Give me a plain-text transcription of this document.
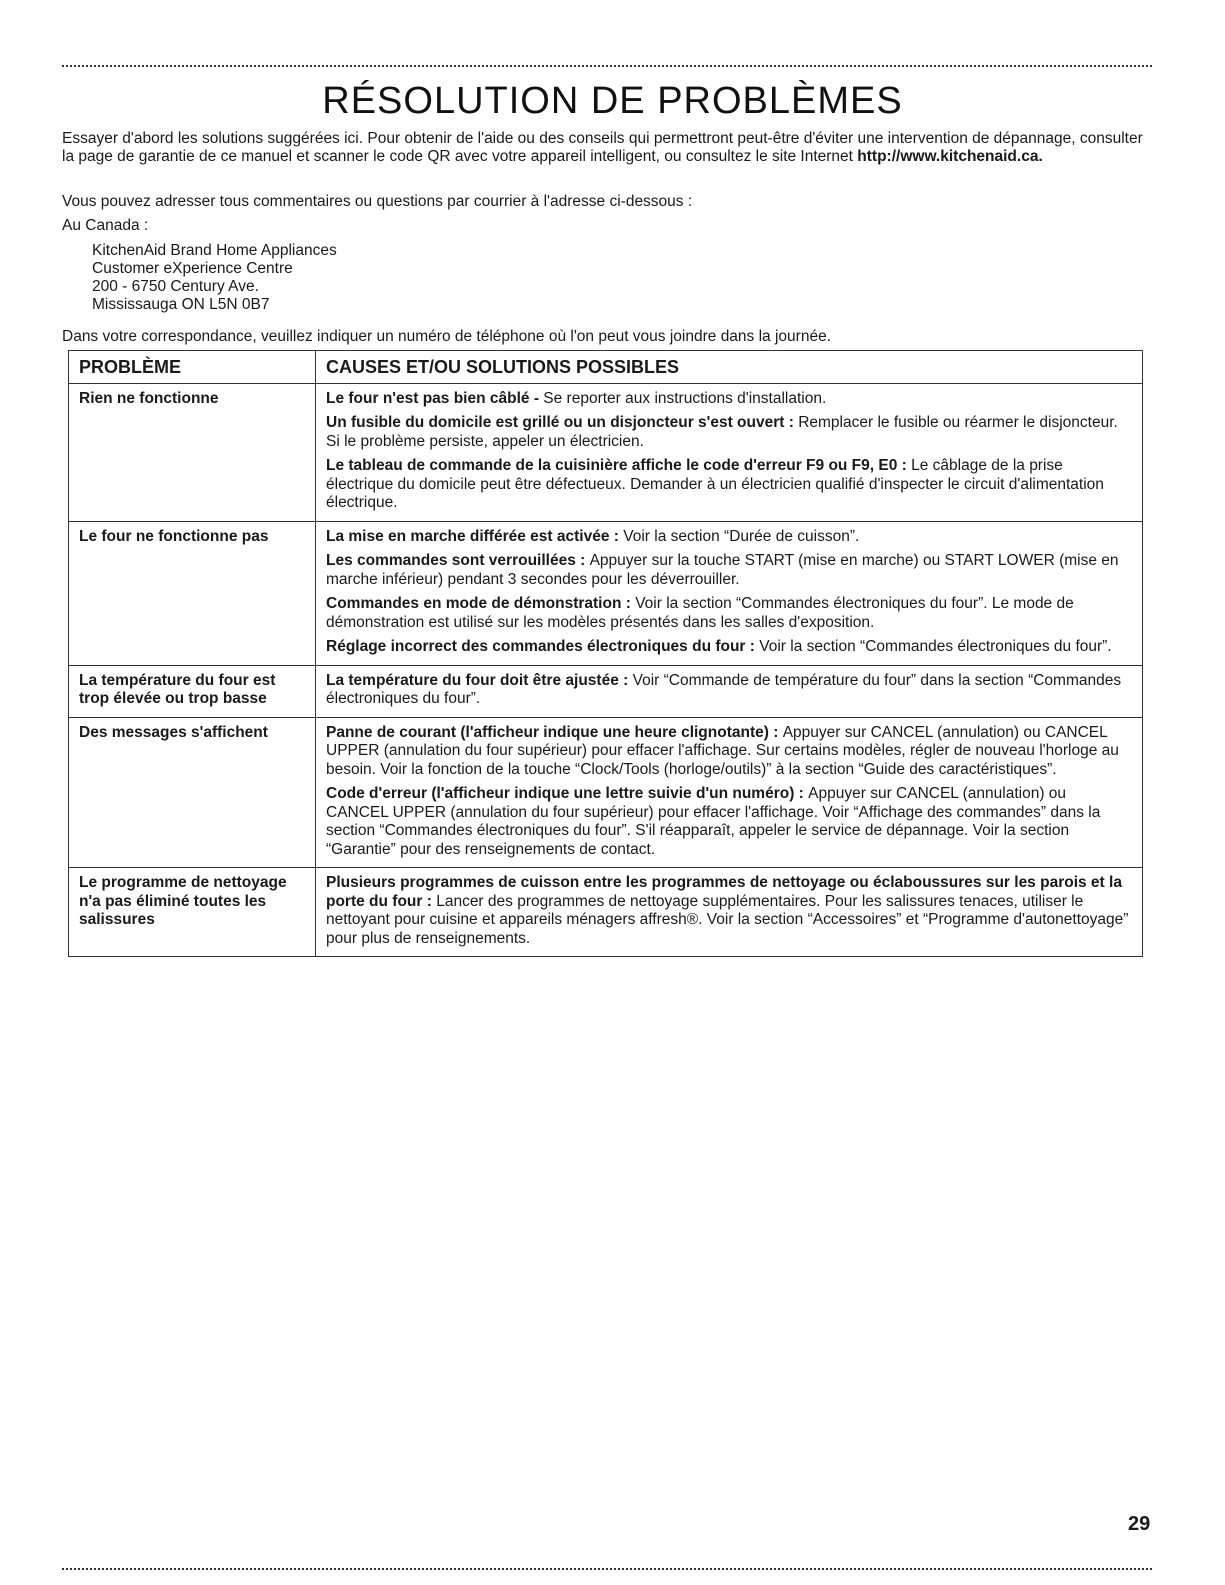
RÉSOLUTION DE PROBLÈMES

Essayer d'abord les solutions suggérées ici. Pour obtenir de l'aide ou des conseils qui permettront peut-être d'éviter une intervention de dépannage, consulter la page de garantie de ce manuel et scanner le code QR avec votre appareil intelligent, ou consultez le site Internet http://www.kitchenaid.ca.

Vous pouvez adresser tous commentaires ou questions par courrier à l'adresse ci-dessous :
Au Canada :
KitchenAid Brand Home Appliances
Customer eXperience Centre
200 - 6750 Century Ave.
Mississauga ON L5N 0B7
Dans votre correspondance, veuillez indiquer un numéro de téléphone où l'on peut vous joindre dans la journée.
PROBLÈME	CAUSES ET/OU SOLUTIONS POSSIBLES
Rien ne fonctionne	Le four n'est pas bien câblé - Se reporter aux instructions d'installation.

Un fusible du domicile est grillé ou un disjoncteur s'est ouvert : Remplacer le fusible ou réarmer le disjoncteur. Si le problème persiste, appeler un électricien.

Le tableau de commande de la cuisinière affiche le code d'erreur F9 ou F9, E0 : Le câblage de la prise électrique du domicile peut être défectueux. Demander à un électricien qualifié d'inspecter le circuit d'alimentation électrique.

Le four ne fonctionne pas	La mise en marche différée est activée : Voir la section “Durée de cuisson”.

Les commandes sont verrouillées : Appuyer sur la touche START (mise en marche) ou START LOWER (mise en marche inférieur) pendant 3 secondes pour les déverrouiller.

Commandes en mode de démonstration : Voir la section “Commandes électroniques du four”. Le mode de démonstration est utilisé sur les modèles présentés dans les salles d'exposition.

Réglage incorrect des commandes électroniques du four : Voir la section “Commandes électroniques du four”.

La température du four est trop élevée ou trop basse	La température du four doit être ajustée : Voir “Commande de température du four” dans la section “Commandes électroniques du four”.

Des messages s'affichent	Panne de courant (l'afficheur indique une heure clignotante) : Appuyer sur CANCEL (annulation) ou CANCEL UPPER (annulation du four supérieur) pour effacer l'affichage. Sur certains modèles, régler de nouveau l'horloge au besoin. Voir la fonction de la touche “Clock/Tools (horloge/outils)” à la section “Guide des caractéristiques”.

Code d'erreur (l'afficheur indique une lettre suivie d'un numéro) : Appuyer sur CANCEL (annulation) ou CANCEL UPPER (annulation du four supérieur) pour effacer l'affichage. Voir “Affichage des commandes” dans la section “Commandes électroniques du four”. S'il réapparaît, appeler le service de dépannage. Voir la section “Garantie” pour des renseignements de contact.

Le programme de nettoyage n'a pas éliminé toutes les salissures	Plusieurs programmes de cuisson entre les programmes de nettoyage ou éclaboussures sur les parois et la porte du four : Lancer des programmes de nettoyage supplémentaires. Pour les salissures tenaces, utiliser le nettoyant pour cuisine et appareils ménagers affresh®. Voir la section “Accessoires” et “Programme d'autonettoyage” pour plus de renseignements.

29
